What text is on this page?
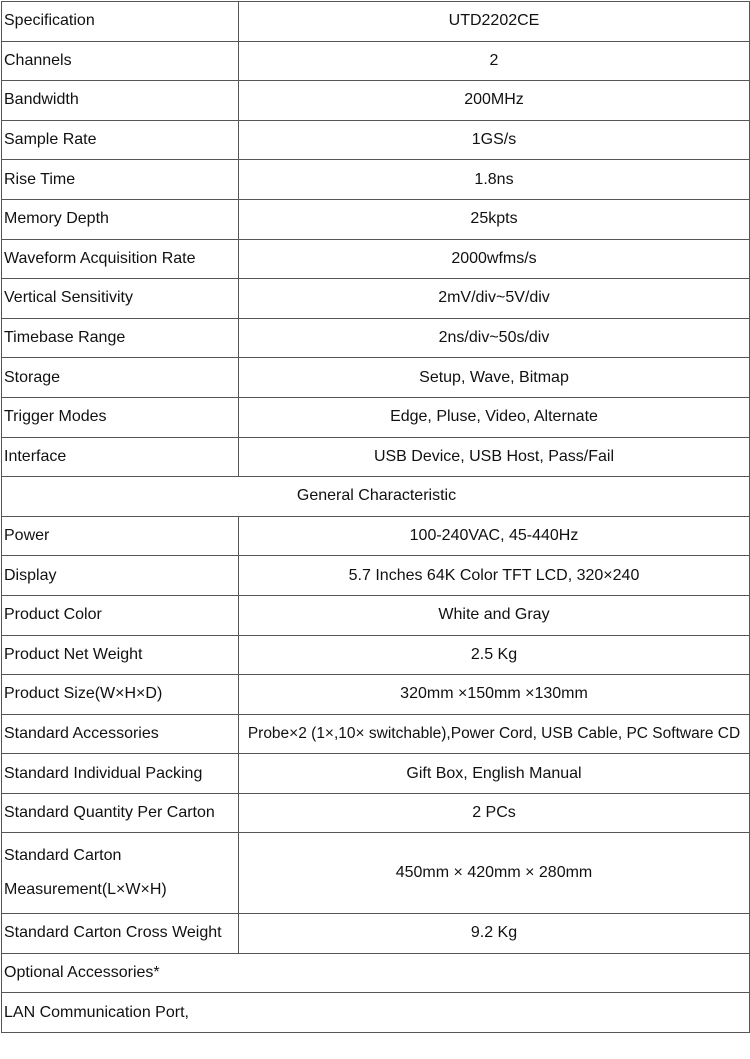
Specification	UTD2202CE
Channels	2
Bandwidth	200MHz
Sample Rate	1GS/s
Rise Time	1.8ns
Memory Depth	25kpts
Waveform Acquisition Rate	2000wfms/s
Vertical Sensitivity	2mV/div~5V/div
Timebase Range	2ns/div~50s/div
Storage	Setup, Wave, Bitmap
Trigger Modes	Edge, Pluse, Video, Alternate
Interface	USB Device, USB Host, Pass/Fail
General Characteristic	
Power	100-240VAC, 45-440Hz
Display	5.7 Inches 64K Color TFT LCD, 320×240
Product Color	White and Gray
Product Net Weight	2.5 Kg
Product Size(W×H×D)	320mm ×150mm ×130mm
Standard Accessories	Probe×2 (1×,10× switchable),Power Cord, USB Cable, PC Software CD
Standard Individual Packing	Gift Box, English Manual
Standard Quantity Per Carton	2 PCs
Standard Carton Measurement(L×W×H)	450mm × 420mm × 280mm
Standard Carton Cross Weight	9.2 Kg
Optional Accessories*	
LAN Communication Port,	
